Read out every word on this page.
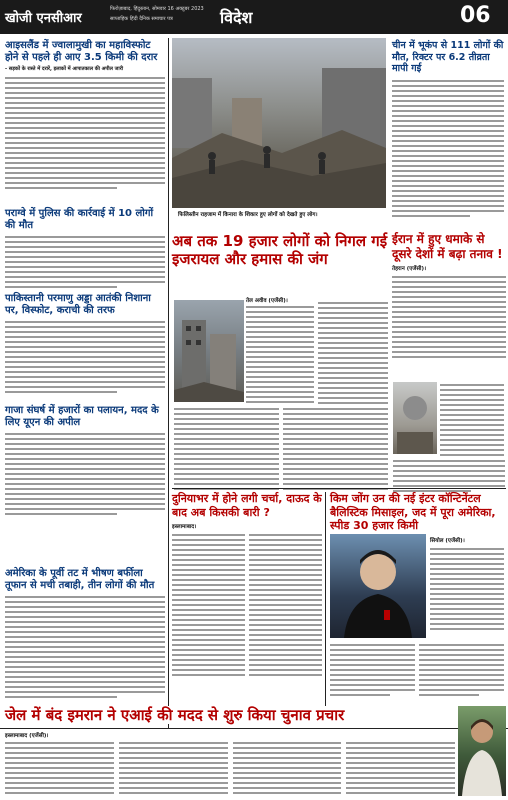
खोजी एनसीआर
फिरोज़ाबाद, हिंदुस्तान, सोमवार 16 अक्टूबर 2023
साप्ताहिक हिंदी दैनिक समाचार पत्र	विदेश	06
आइसलैंड में ज्वालामुखी का महाविस्फोट होने से पहले ही आए 3.5 किमी की दरार
- सड़कों के रास्ते में दरारें, इलाकों में आपातकाल की अपील जारी
पराग्वे में पुलिस की कार्रवाई में 10 लोगों की मौत
पाकिस्तानी परमाणु अड्डा आतंकी निशाना पर, विस्फोट, कराची की तरफ
गाजा संघर्ष में हजारों का पलायन, मदद के लिए यूएन की अपील
अमेरिका के पूर्वी तट में भीषण बर्फीला तूफान से मची तबाही, तीन लोगों की मौत
फिलिस्तीन राहजाम में किनारा के शिकार हुए लोगों को देखते हुए लोग।
चीन में भूकंप से 111 लोगों की मौत, रिक्टर पर 6.2 तीव्रता मापी गई
अब तक 19 हजार लोगों को निगल गई इजरायल और हमास की जंग
तेल अवीव (एजेंसी)।
ईरान में हुए धमाके से दूसरे देशों में बढ़ा तनाव !
तेहरान (एजेंसी)।
दुनियाभर में होने लगी चर्चा, दाऊद के बाद अब किसकी बारी ?
इस्लामाबाद।
किम जोंग उन की नई इंटर कॉन्टिनेंटल बैलिस्टिक मिसाइल, जद में पूरा अमेरिका, स्पीड 30 हजार किमी
सियोल (एजेंसी)।
जेल में बंद इमरान ने एआई की मदद से शुरु किया चुनाव प्रचार
इस्लामाबाद (एजेंसी)।
